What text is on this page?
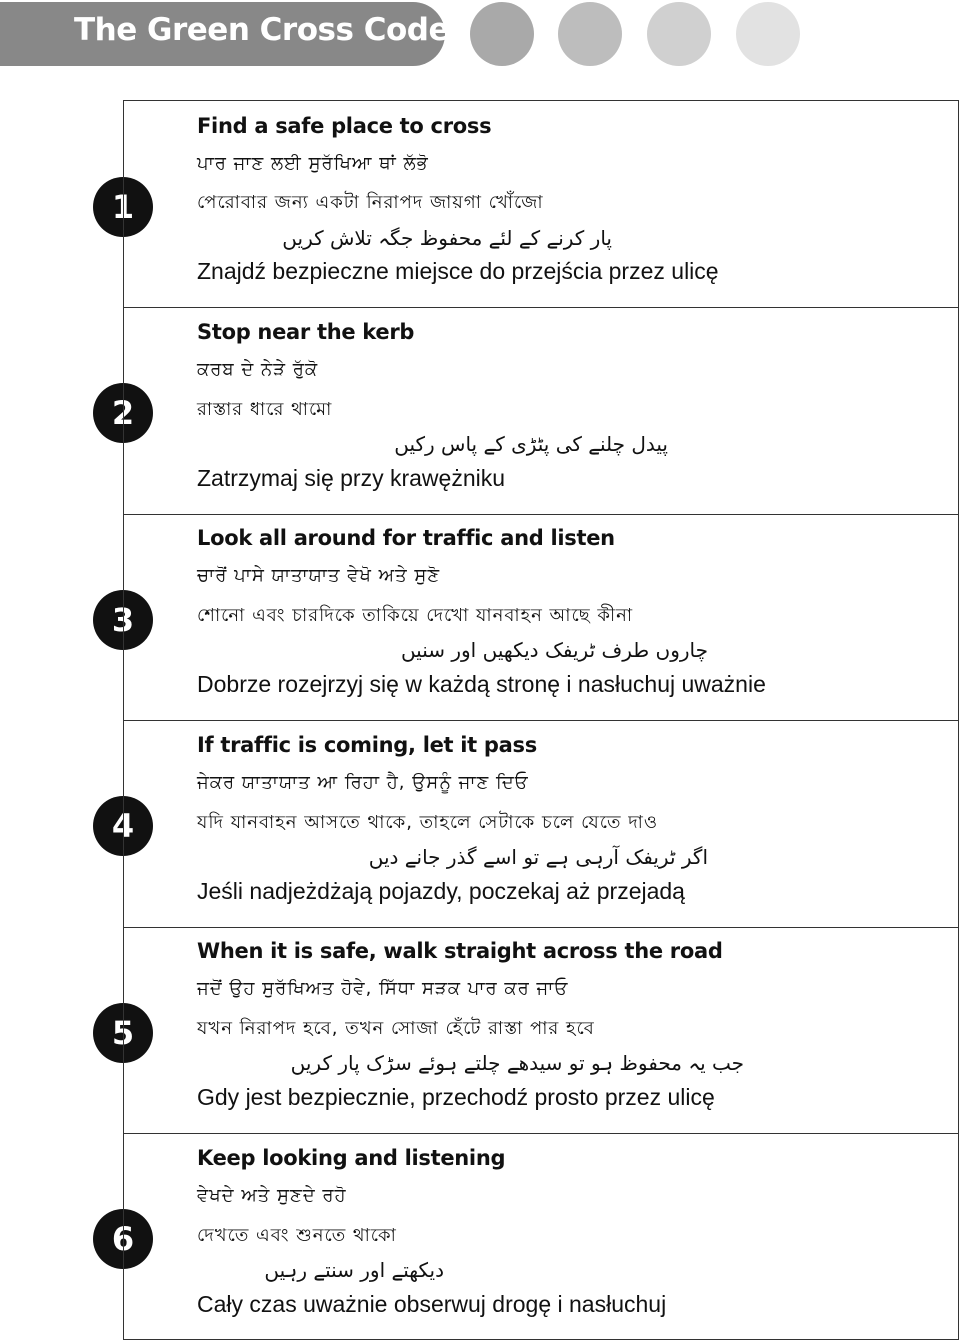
The Green Cross Code
1
2
3
4
5
6
Find a safe place to cross
ਪਾਰ ਜਾਣ ਲਈ ਸੁਰੱਖਿਆ ਥਾਂ ਲੱਭੋ
পেরোবার জন্য একটা নিরাপদ জায়গা খোঁজো
پار کرنے کے لئے محفوظ جگہ تلاش کریں
Znajdź bezpieczne miejsce do przejścia przez ulicę
Stop near the kerb
ਕਰਬ ਦੇ ਨੇੜੇ ਰੁੱਕੋ
রাস্তার ধারে থামো
پیدل چلنے کی پٹڑی کے پاس رکیں
Zatrzymaj się przy krawężniku
Look all around for traffic and listen
ਚਾਰੋਂ ਪਾਸੇ ਯਾਤਾਯਾਤ ਵੇਖੋ ਅਤੇ ਸੁਣੋ
শোনো এবং চারদিকে তাকিয়ে দেখো যানবাহন আছে কীনা
چاروں طرف ٹریفک دیکھیں اور سنیں
Dobrze rozejrzyj się w każdą stronę i nasłuchuj uważnie
If traffic is coming, let it pass
ਜੇਕਰ ਯਾਤਾਯਾਤ ਆ ਰਿਹਾ ਹੈ, ਉਸਨੂੰ ਜਾਣ ਦਿਓ
যদি যানবাহন আসতে থাকে, তাহলে সেটাকে চলে যেতে দাও
اگر ٹریفک آرہی ہے تو اسے گذر جانے دیں
Jeśli nadjeżdżają pojazdy, poczekaj aż przejadą
When it is safe, walk straight across the road
ਜਦੋਂ ਉਹ ਸੁਰੱਖਿਅਤ ਹੋਵੇ, ਸਿੱਧਾ ਸੜਕ ਪਾਰ ਕਰ ਜਾਓ
যখন নিরাপদ হবে, তখন সোজা হেঁটে রাস্তা পার হবে
جب یہ محفوظ ہو تو سیدھے چلتے ہوئے سڑک پار کریں
Gdy jest bezpiecznie, przechodź prosto przez ulicę
Keep looking and listening
ਵੇਖਦੇ ਅਤੇ ਸੁਣਦੇ ਰਹੋ
দেখতে এবং শুনতে থাকো
دیکھتے اور سنتے رہیں
Cały czas uważnie obserwuj drogę i nasłuchuj
